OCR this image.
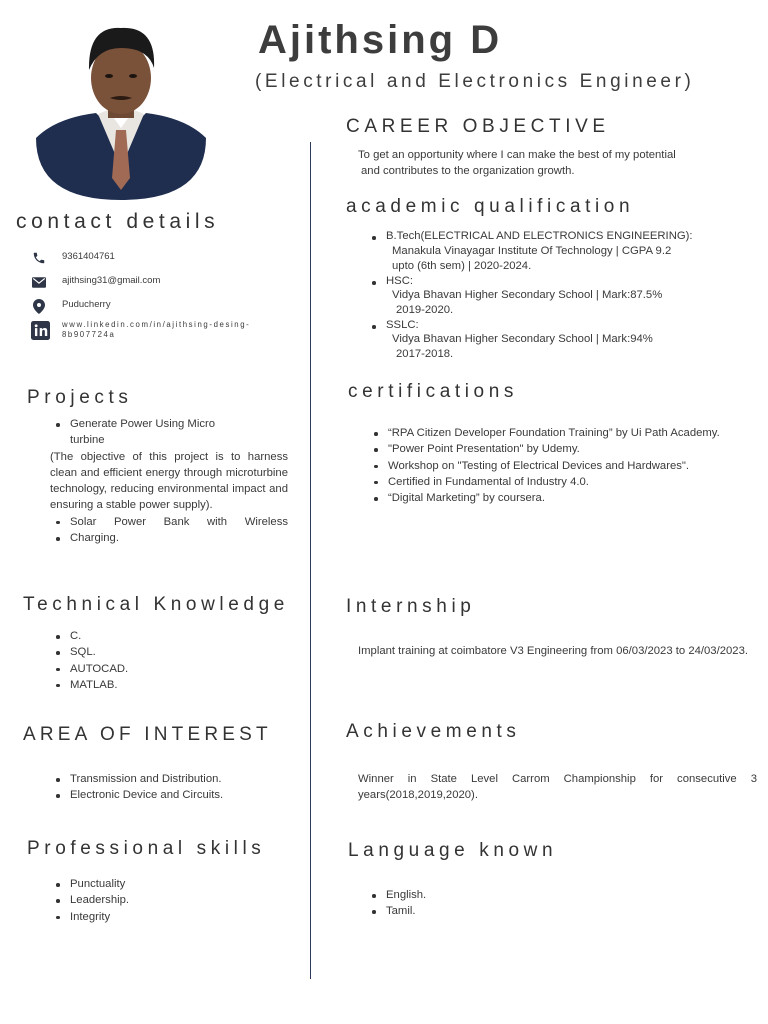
Ajithsing D
(Electrical and Electronics Engineer)
contact details
9361404761
ajithsing31@gmail.com
Puducherry
www.linkedin.com/in/ajithsing-desing-8b907724a
Projects
Generate Power Using Micro
turbine
(The objective of this project is to harness clean and efficient energy through microturbine technology, reducing environmental impact and ensuring a stable power supply).
Solar Power Bank with Wireless
Charging.
Technical Knowledge
C.
SQL.
AUTOCAD.
MATLAB.
AREA OF INTEREST
Transmission and Distribution.
Electronic Device and Circuits.
Professional skills
Punctuality
Leadership.
Integrity
CAREER OBJECTIVE
To get an opportunity where I can make the best of my potential
and contributes to the organization growth.
academic qualification
B.Tech(ELECTRICAL AND ELECTRONICS ENGINEERING):
Manakula Vinayagar Institute Of Technology | CGPA 9.2
upto (6th sem) | 2020-2024.
HSC:
Vidya Bhavan Higher Secondary School | Mark:87.5%
2019-2020.
SSLC:
Vidya Bhavan Higher Secondary School | Mark:94%
2017-2018.
certifications
“RPA Citizen Developer Foundation Training” by Ui Path Academy.
"Power Point Presentation" by Udemy.
Workshop on "Testing of Electrical Devices and Hardwares".
Certified in Fundamental of Industry 4.0.
“Digital Marketing” by coursera.
Internship
Implant training at coimbatore V3 Engineering from 06/03/2023 to 24/03/2023.
Achievements
Winner in State Level Carrom Championship for consecutive 3 years(2018,2019,2020).
Language known
English.
Tamil.
